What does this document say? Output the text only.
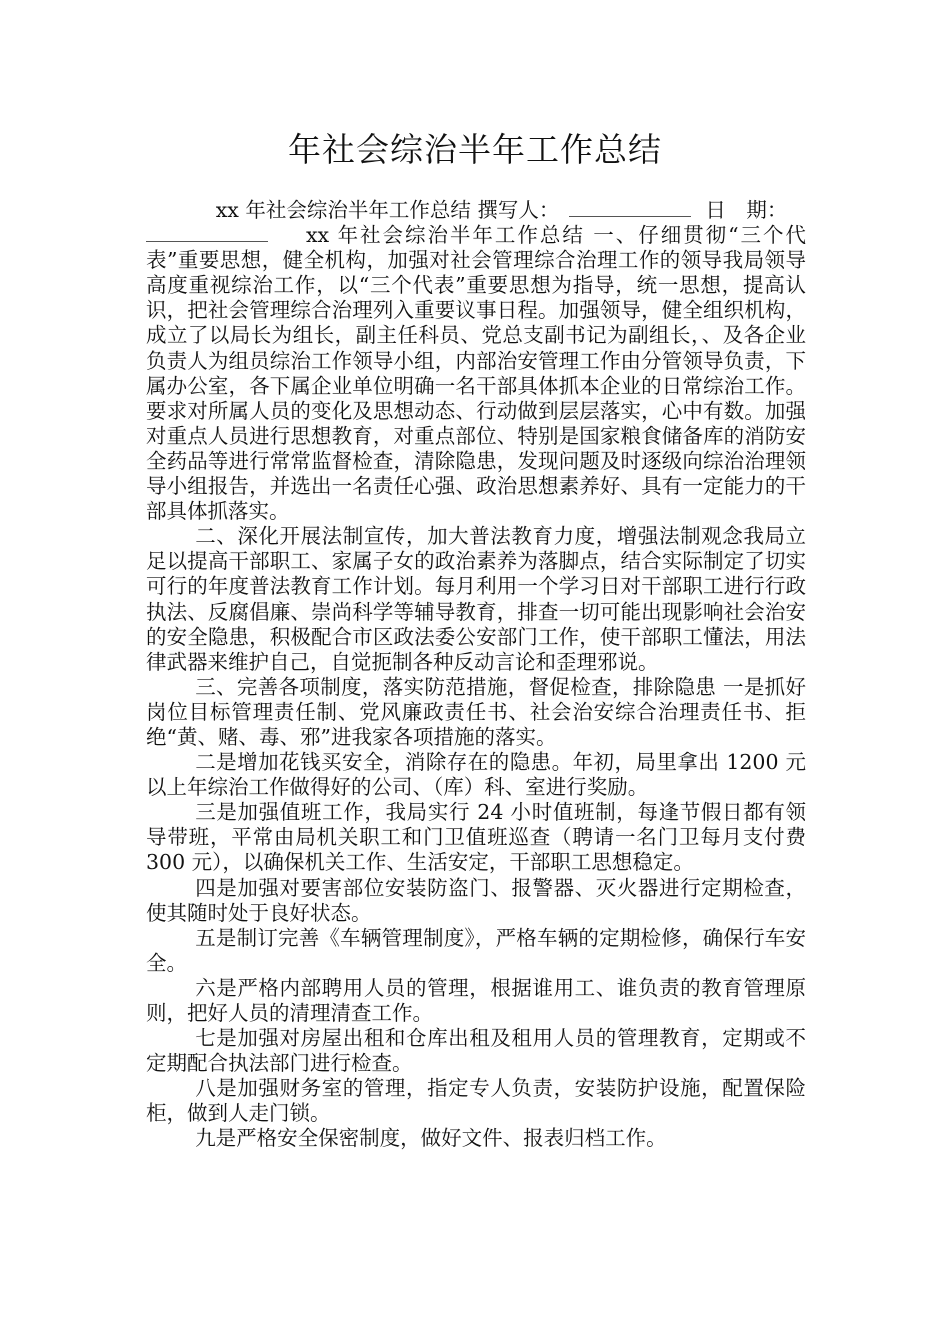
年社会综治半年工作总结

xx 年社会综治半年工作总结 撰写人：	日　期：
xx 年社会综治半年工作总结 一、仔细贯彻“三个代表”重要思想，健全机构，加强对社会管理综合治理工作的领导我局领导高度重视综治工作，以“三个代表”重要思想为指导，统一思想，提高认识，把社会管理综合治理列入重要议事日程。加强领导，健全组织机构，成立了以局长为组长，副主任科员、党总支副书记为副组长，、及各企业负责人为组员综治工作领导小组，内部治安管理工作由分管领导负责，下属办公室，各下属企业单位明确一名干部具体抓本企业的日常综治工作。要求对所属人员的变化及思想动态、行动做到层层落实，心中有数。加强对重点人员进行思想教育，对重点部位、特别是国家粮食储备库的消防安全药品等进行常常监督检查，清除隐患，发现问题及时逐级向综治治理领导小组报告，并选出一名责任心强、政治思想素养好、具有一定能力的干部具体抓落实。

二、深化开展法制宣传，加大普法教育力度，增强法制观念我局立足以提高干部职工、家属子女的政治素养为落脚点，结合实际制定了切实可行的年度普法教育工作计划。每月利用一个学习日对干部职工进行行政执法、反腐倡廉、崇尚科学等辅导教育，排查一切可能出现影响社会治安的安全隐患，积极配合市区政法委公安部门工作，使干部职工懂法，用法律武器来维护自己，自觉扼制各种反动言论和歪理邪说。

三、完善各项制度，落实防范措施，督促检查，排除隐患 一是抓好岗位目标管理责任制、党风廉政责任书、社会治安综合治理责任书、拒绝“黄、赌、毒、邪”进我家各项措施的落实。

二是增加花钱买安全，消除存在的隐患。年初，局里拿出 1200 元以上年综治工作做得好的公司、（库）科、室进行奖励。

三是加强值班工作，我局实行 24 小时值班制，每逢节假日都有领导带班，平常由局机关职工和门卫值班巡查（聘请一名门卫每月支付费 300 元），以确保机关工作、生活安定，干部职工思想稳定。

四是加强对要害部位安装防盗门、报警器、灭火器进行定期检查，使其随时处于良好状态。

五是制订完善《车辆管理制度》，严格车辆的定期检修，确保行车安全。

六是严格内部聘用人员的管理，根据谁用工、谁负责的教育管理原则，把好人员的清理清查工作。

七是加强对房屋出租和仓库出租及租用人员的管理教育，定期或不定期配合执法部门进行检查。

八是加强财务室的管理，指定专人负责，安装防护设施，配置保险柜，做到人走门锁。

九是严格安全保密制度，做好文件、报表归档工作。
